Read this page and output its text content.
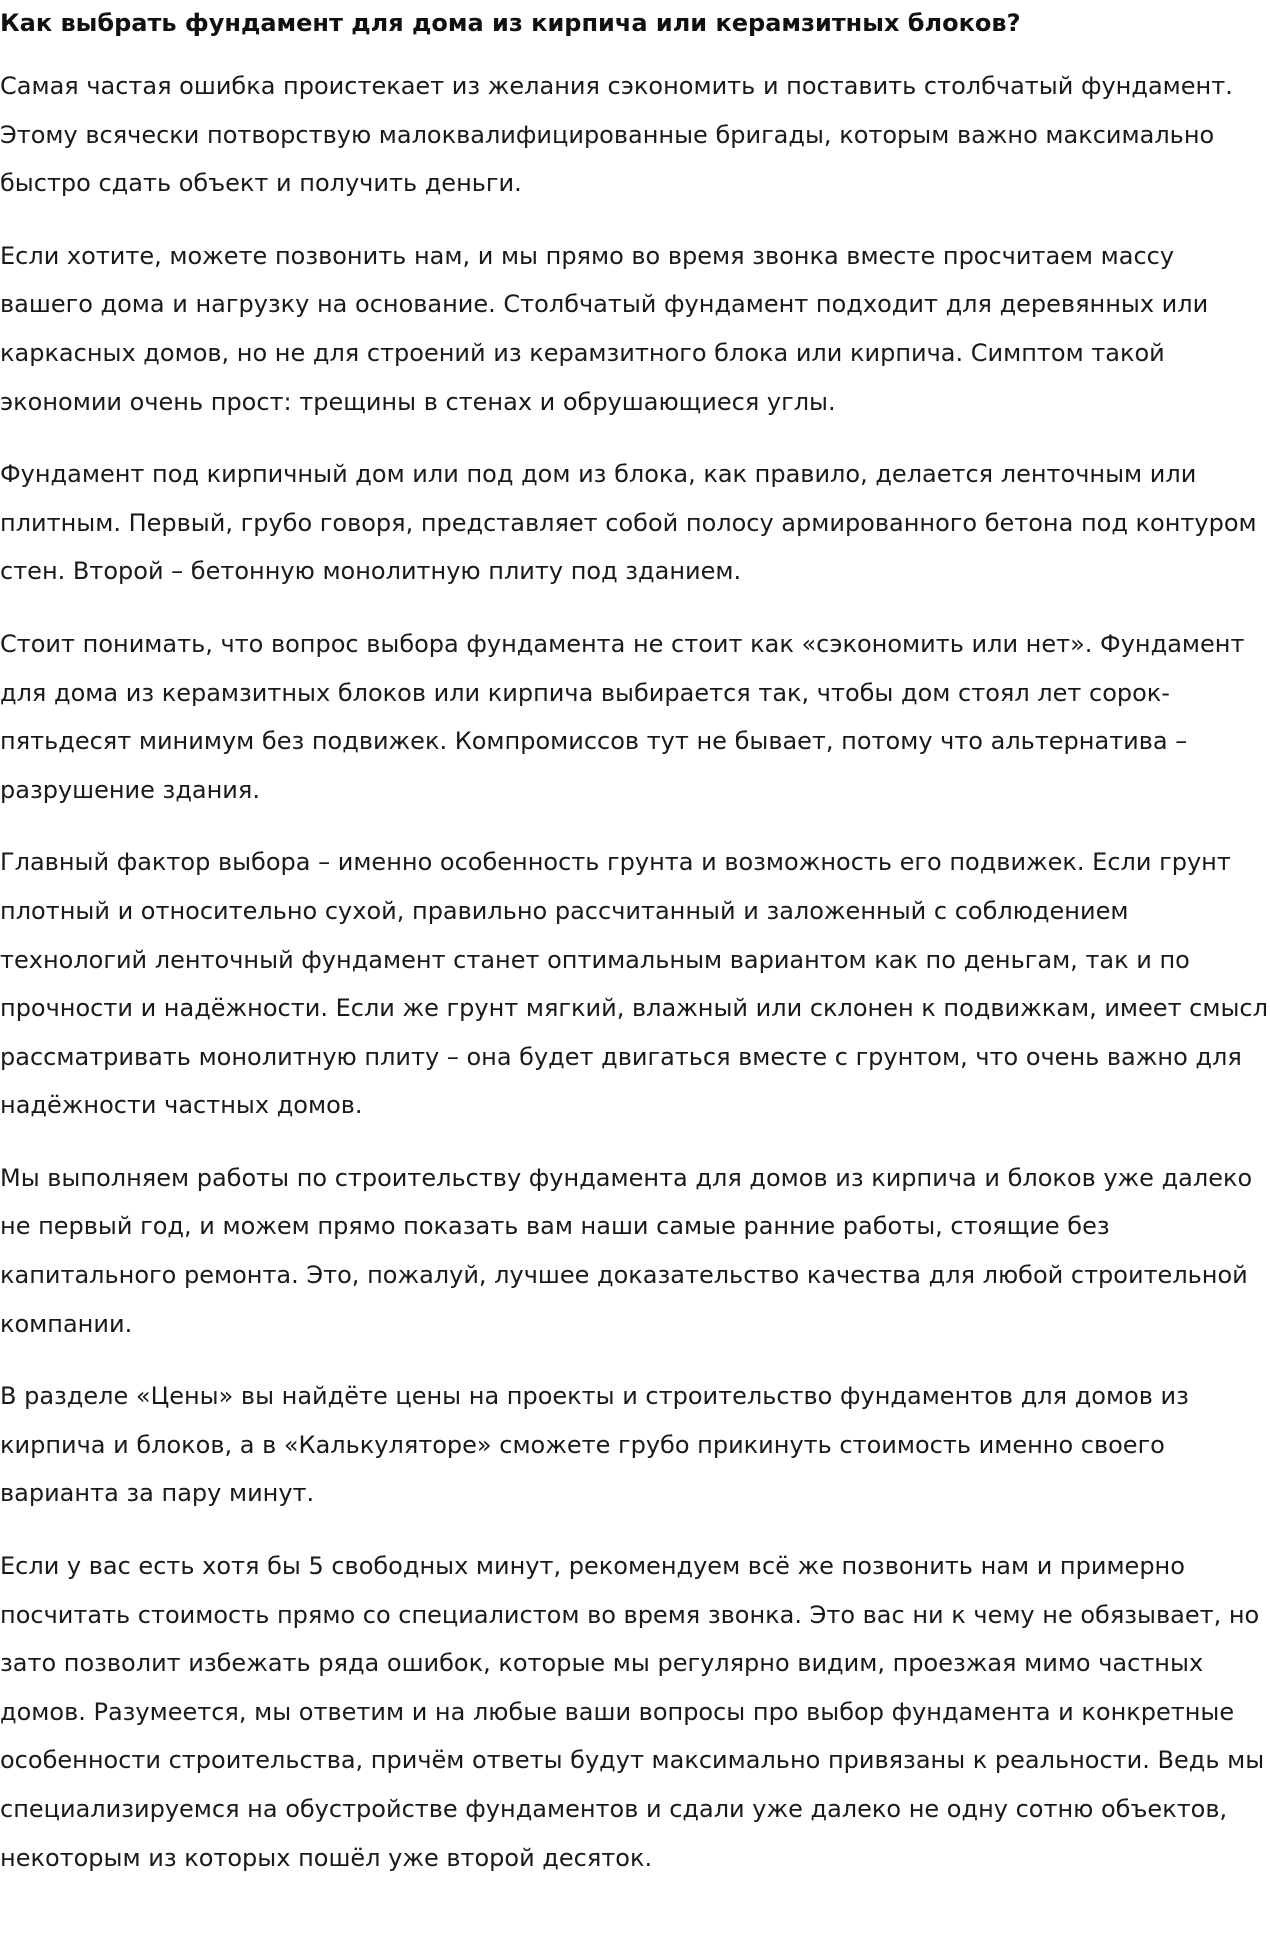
Как выбрать фундамент для дома из кирпича или керамзитных блоков?

Самая частая ошибка проистекает из желания сэкономить и поставить столбчатый фундамент. Этому всячески потворствую малоквалифицированные бригады, которым важно максимально быстро сдать объект и получить деньги.

Если хотите, можете позвонить нам, и мы прямо во время звонка вместе просчитаем массу вашего дома и нагрузку на основание. Столбчатый фундамент подходит для деревянных или каркасных домов, но не для строений из керамзитного блока или кирпича. Симптом такой экономии очень прост: трещины в стенах и обрушающиеся углы.

Фундамент под кирпичный дом или под дом из блока, как правило, делается ленточным или плитным. Первый, грубо говоря, представляет собой полосу армированного бетона под контуром стен. Второй – бетонную монолитную плиту под зданием.

Стоит понимать, что вопрос выбора фундамента не стоит как «сэкономить или нет». Фундамент для дома из керамзитных блоков или кирпича выбирается так, чтобы дом стоял лет сорок-пятьдесят минимум без подвижек. Компромиссов тут не бывает, потому что альтернатива – разрушение здания.

Главный фактор выбора – именно особенность грунта и возможность его подвижек. Если грунт плотный и относительно сухой, правильно рассчитанный и заложенный с соблюдением технологий ленточный фундамент станет оптимальным вариантом как по деньгам, так и по прочности и надёжности. Если же грунт мягкий, влажный или склонен к подвижкам, имеет смысл рассматривать монолитную плиту – она будет двигаться вместе с грунтом, что очень важно для надёжности частных домов.

Мы выполняем работы по строительству фундамента для домов из кирпича и блоков уже далеко не первый год, и можем прямо показать вам наши самые ранние работы, стоящие без капитального ремонта. Это, пожалуй, лучшее доказательство качества для любой строительной компании.

В разделе «Цены» вы найдёте цены на проекты и строительство фундаментов для домов из кирпича и блоков, а в «Калькуляторе» сможете грубо прикинуть стоимость именно своего варианта за пару минут.

Если у вас есть хотя бы 5 свободных минут, рекомендуем всё же позвонить нам и примерно посчитать стоимость прямо со специалистом во время звонка. Это вас ни к чему не обязывает, но зато позволит избежать ряда ошибок, которые мы регулярно видим, проезжая мимо частных домов. Разумеется, мы ответим и на любые ваши вопросы про выбор фундамента и конкретные особенности строительства, причём ответы будут максимально привязаны к реальности. Ведь мы специализируемся на обустройстве фундаментов и сдали уже далеко не одну сотню объектов, некоторым из которых пошёл уже второй десяток.
